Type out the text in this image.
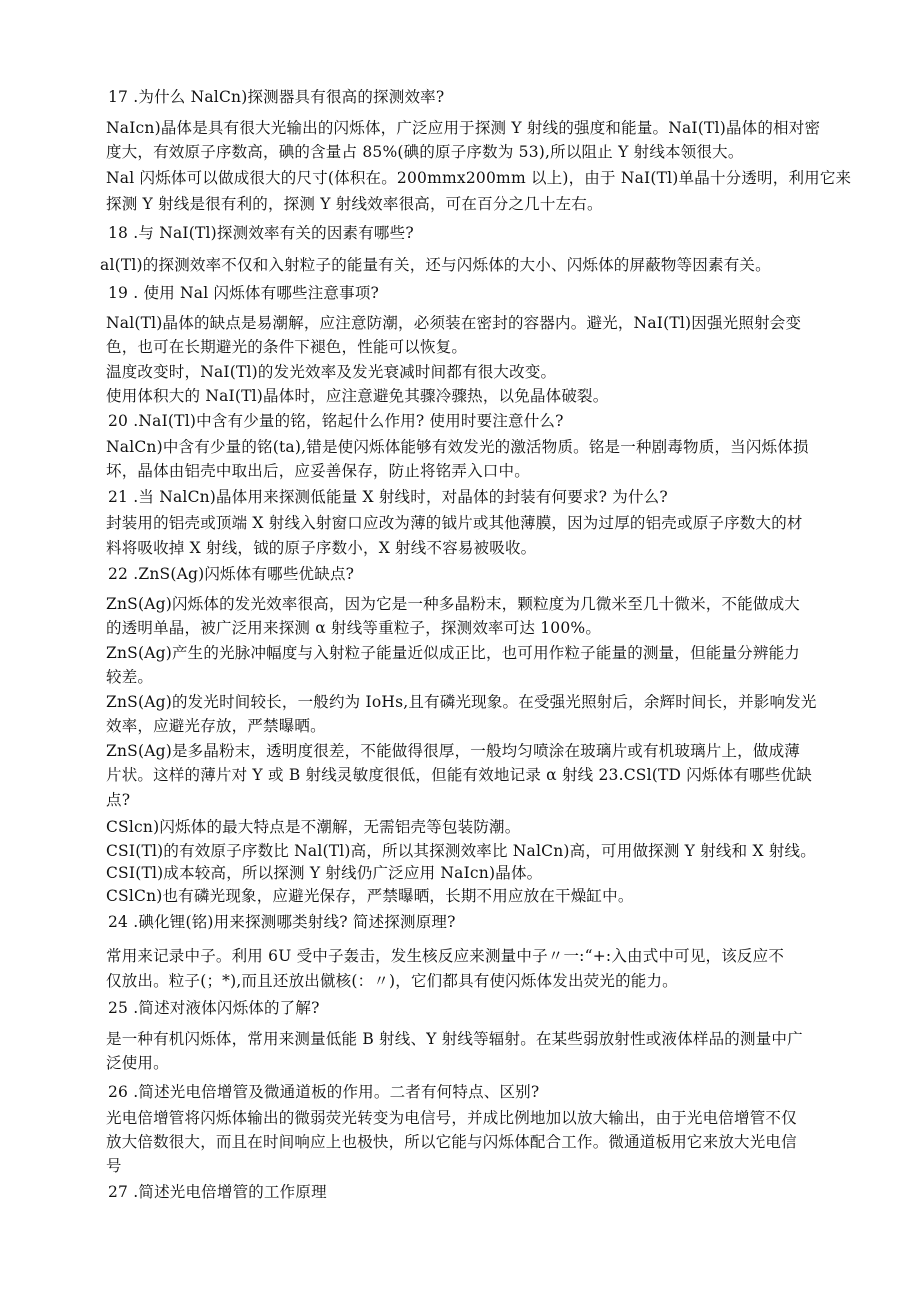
17 .为什么 NalCn)探测器具有很高的探测效率?
NaIcn)晶体是具有很大光输出的闪烁体，广泛应用于探测 Y 射线的强度和能量。NaI(Tl)晶体的相对密
度大，有效原子序数高，碘的含量占 85%(碘的原子序数为 53),所以阻止 Y 射线本领很大。
Nal 闪烁体可以做成很大的尺寸(体积在。200mmx200mm 以上)，由于 NaI(Tl)单晶十分透明，利用它来
探测 Y 射线是很有利的，探测 Y 射线效率很高，可在百分之几十左右。
18 .与 NaI(Tl)探测效率有关的因素有哪些?
al(Tl)的探测效率不仅和入射粒子的能量有关，还与闪烁体的大小、闪烁体的屏蔽物等因素有关。
19 . 使用 Nal 闪烁体有哪些注意事项?
Nal(Tl)晶体的缺点是易潮解，应注意防潮，必须装在密封的容器内。避光，NaI(Tl)因强光照射会变
色，也可在长期避光的条件下褪色，性能可以恢复。
温度改变时，NaI(Tl)的发光效率及发光衰减时间都有很大改变。
使用体积大的 NaI(Tl)晶体时，应注意避免其骤冷骤热，以免晶体破裂。
20 .NaI(Tl)中含有少量的铭，铭起什么作用? 使用时要注意什么?
NalCn)中含有少量的铭(ta),错是使闪烁体能够有效发光的激活物质。铭是一种剧毒物质，当闪烁体损
坏，晶体由铝壳中取出后，应妥善保存，防止将铭弄入口中。
21 .当 NalCn)晶体用来探测低能量 X 射线时，对晶体的封装有何要求? 为什么?
封装用的铝壳或顶端 X 射线入射窗口应改为薄的钺片或其他薄膜，因为过厚的铝壳或原子序数大的材
料将吸收掉 X 射线，钺的原子序数小，X 射线不容易被吸收。
22 .ZnS(Ag)闪烁体有哪些优缺点?
ZnS(Ag)闪烁体的发光效率很高，因为它是一种多晶粉末，颗粒度为几微米至几十微米，不能做成大
的透明单晶，被广泛用来探测 α 射线等重粒子，探测效率可达 100%。
ZnS(Ag)产生的光脉冲幅度与入射粒子能量近似成正比，也可用作粒子能量的测量，但能量分辨能力
较差。
ZnS(Ag)的发光时间较长，一般约为 IoHs,且有磷光现象。在受强光照射后，余辉时间长，并影响发光
效率，应避光存放，严禁曝晒。
ZnS(Ag)是多晶粉末，透明度很差，不能做得很厚，一般均匀喷涂在玻璃片或有机玻璃片上，做成薄
片状。这样的薄片对 Y 或 B 射线灵敏度很低，但能有效地记录 α 射线 23.CSl(TD 闪烁体有哪些优缺
点?
CSlcn)闪烁体的最大特点是不潮解，无需铝壳等包装防潮。
CSI(Tl)的有效原子序数比 Nal(Tl)高，所以其探测效率比 NalCn)高，可用做探测 Y 射线和 X 射线。
CSI(Tl)成本较高，所以探测 Y 射线仍广泛应用 NaIcn)晶体。
CSlCn)也有磷光现象，应避光保存，严禁曝晒，长期不用应放在干燥缸中。
24 .碘化锂(铭)用来探测哪类射线? 简述探测原理?
常用来记录中子。利用 6U 受中子轰击，发生核反应来测量中子〃一:“+:入由式中可见，该反应不
仅放出。粒子(；*),而且还放出僦核(：〃)，它们都具有使闪烁体发出荧光的能力。
25 .简述对液体闪烁体的了解?
是一种有机闪烁体，常用来测量低能 B 射线、Y 射线等辐射。在某些弱放射性或液体样品的测量中广
泛使用。
26 .简述光电倍增管及微通道板的作用。二者有何特点、区别?
光电倍增管将闪烁体输出的微弱荧光转变为电信号，并成比例地加以放大输出，由于光电倍增管不仅
放大倍数很大，而且在时间响应上也极快，所以它能与闪烁体配合工作。微通道板用它来放大光电信
号
27 .简述光电倍增管的工作原理
